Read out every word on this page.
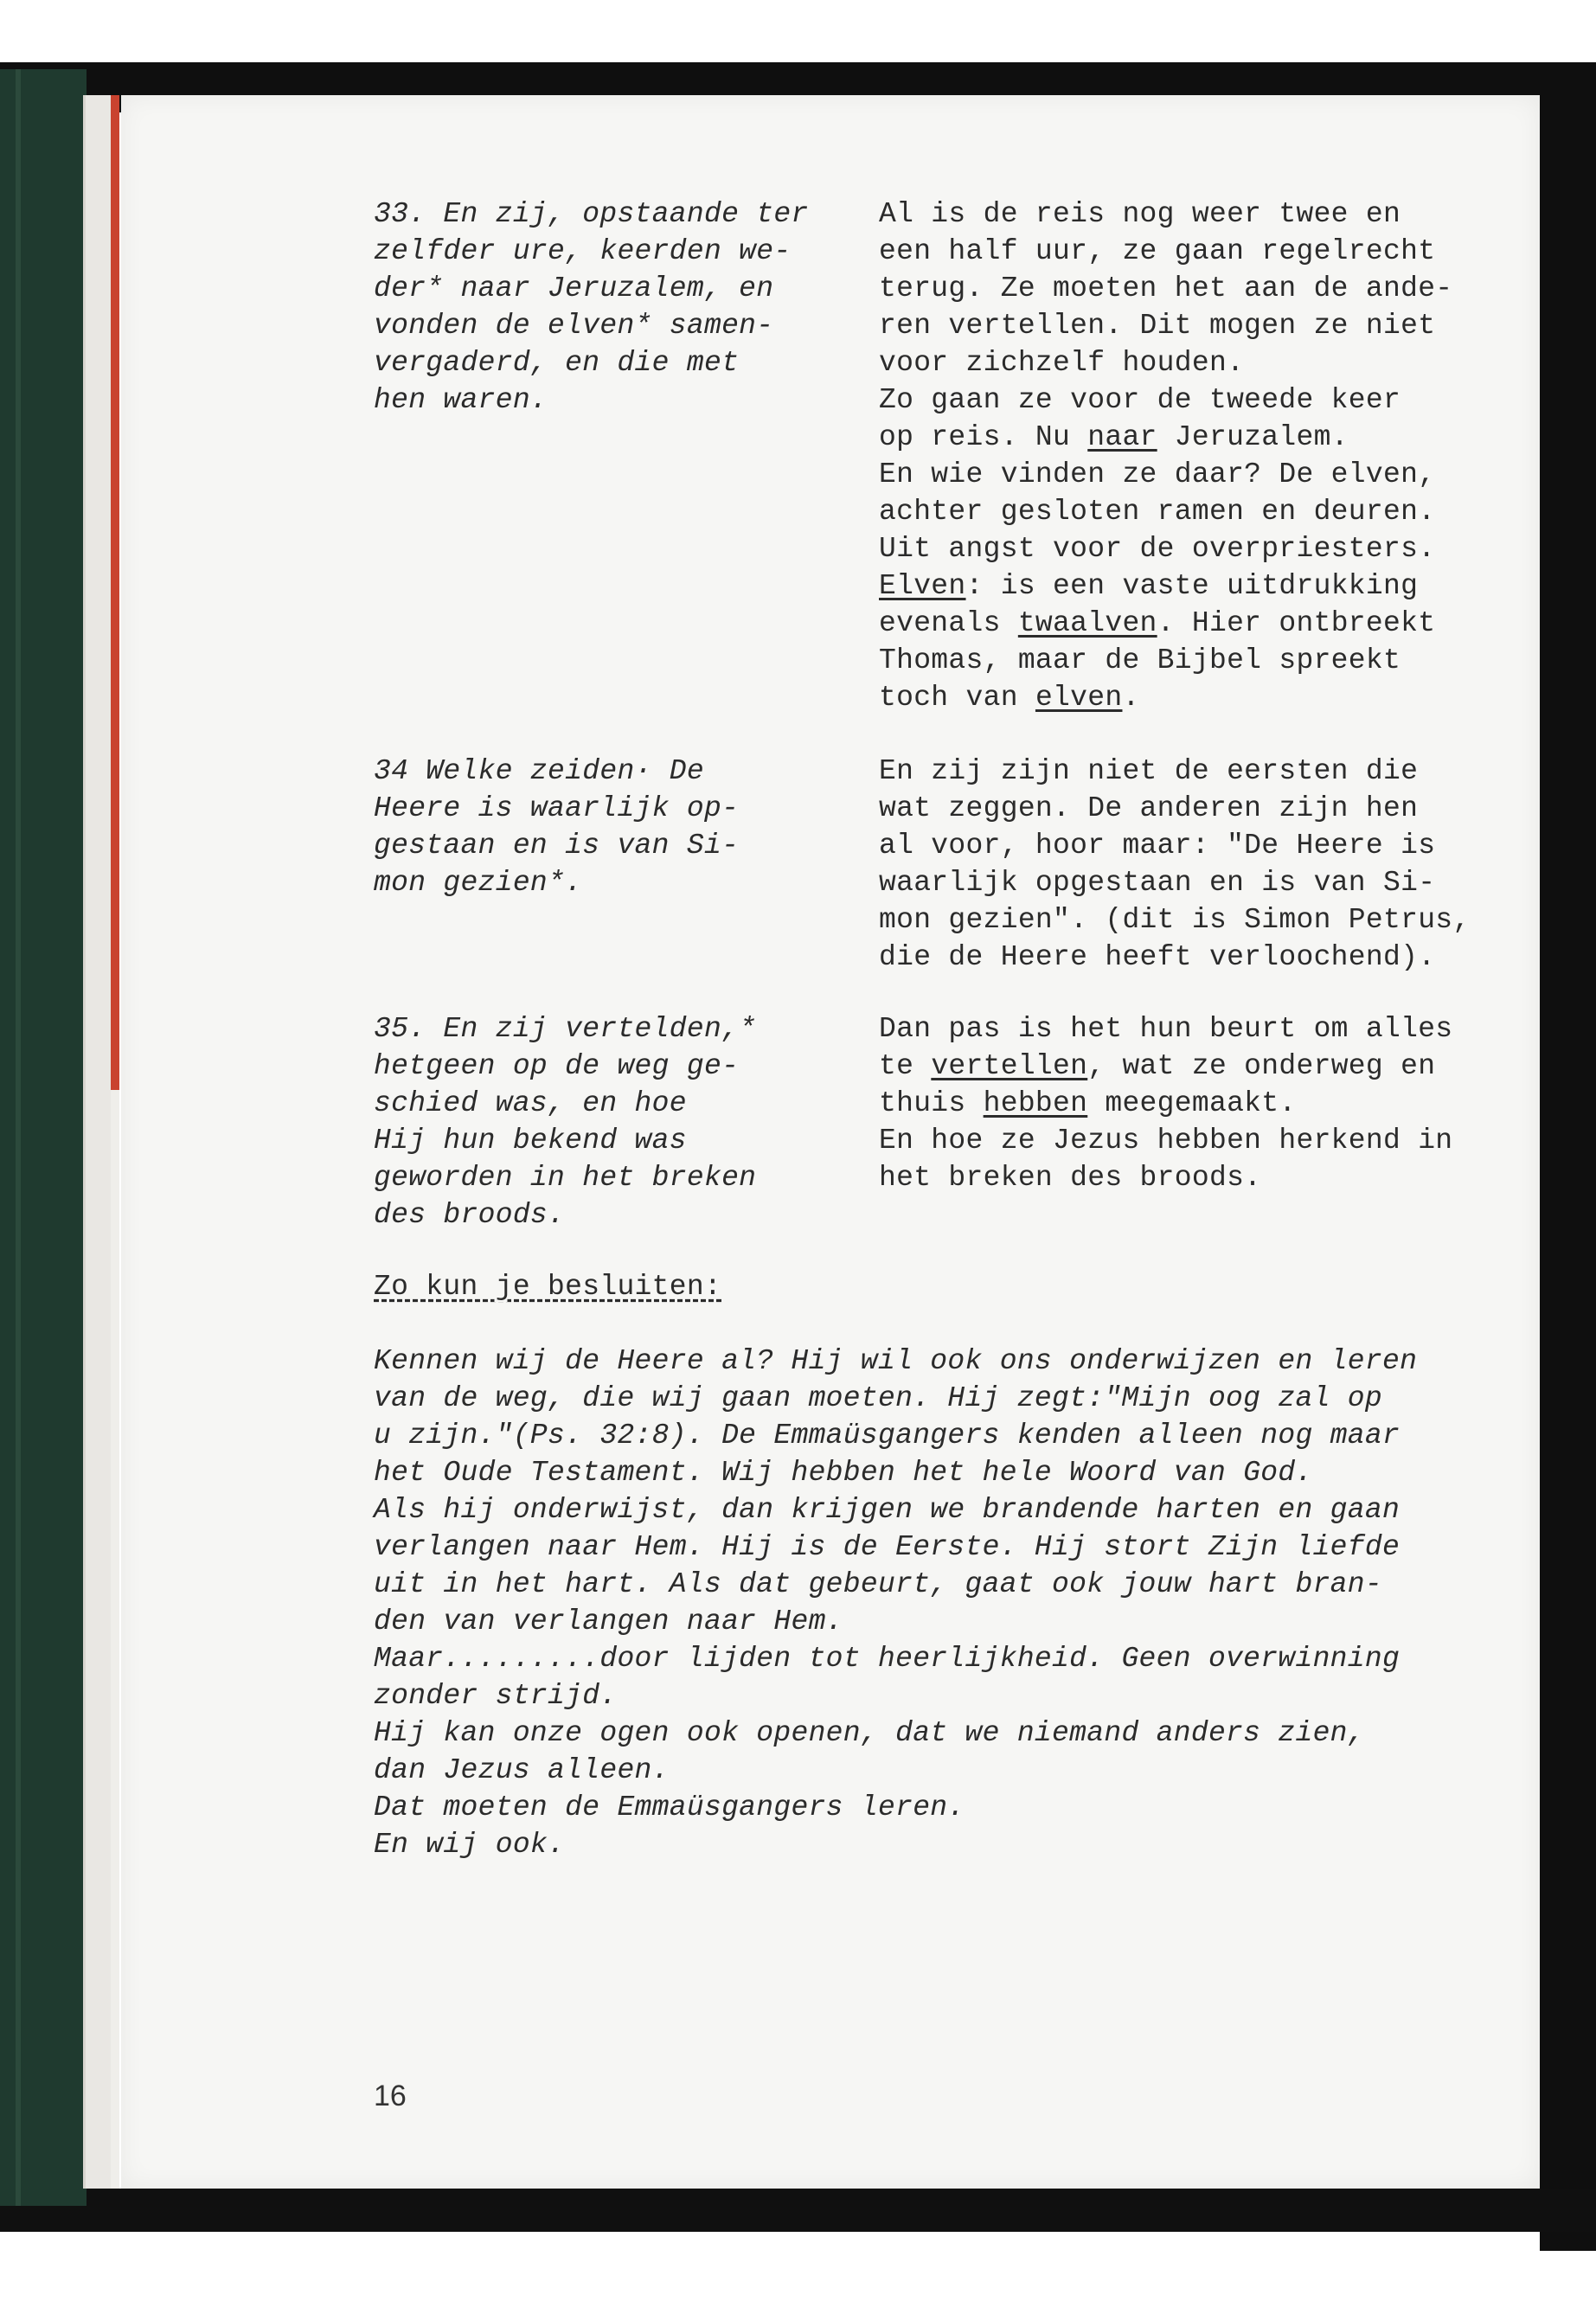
33. En zij, opstaande ter
zelfder ure, keerden we-
der* naar Jeruzalem, en
vonden de elven* samen-
vergaderd, en die met
hen waren.
Al is de reis nog weer twee en
een half uur, ze gaan regelrecht
terug. Ze moeten het aan de ande-
ren vertellen. Dit mogen ze niet
voor zichzelf houden.
Zo gaan ze voor de tweede keer
op reis. Nu naar Jeruzalem.
En wie vinden ze daar? De elven,
achter gesloten ramen en deuren.
Uit angst voor de overpriesters.
Elven: is een vaste uitdrukking
evenals twaalven. Hier ontbreekt
Thomas, maar de Bijbel spreekt
toch van elven.
34 Welke zeiden· De
Heere is waarlijk op-
gestaan en is van Si-
mon gezien*.
En zij zijn niet de eersten die
wat zeggen. De anderen zijn hen
al voor, hoor maar: "De Heere is
waarlijk opgestaan en is van Si-
mon gezien". (dit is Simon Petrus,
die de Heere heeft verloochend).
35. En zij vertelden,*
hetgeen op de weg ge-
schied was, en hoe
Hij hun bekend was
geworden in het breken
des broods.
Dan pas is het hun beurt om alles
te vertellen, wat ze onderweg en
thuis hebben meegemaakt.
En hoe ze Jezus hebben herkend in
het breken des broods.
Zo kun je besluiten:
Kennen wij de Heere al? Hij wil ook ons onderwijzen en leren
van de weg, die wij gaan moeten. Hij zegt:"Mijn oog zal op
u zijn."(Ps. 32:8). De Emmaüsgangers kenden alleen nog maar
het Oude Testament. Wij hebben het hele Woord van God.
Als hij onderwijst, dan krijgen we brandende harten en gaan
verlangen naar Hem. Hij is de Eerste. Hij stort Zijn liefde
uit in het hart. Als dat gebeurt, gaat ook jouw hart bran-
den van verlangen naar Hem.
Maar.........door lijden tot heerlijkheid. Geen overwinning
zonder strijd.
Hij kan onze ogen ook openen, dat we niemand anders zien,
dan Jezus alleen.
Dat moeten de Emmaüsgangers leren.
En wij ook.
16
